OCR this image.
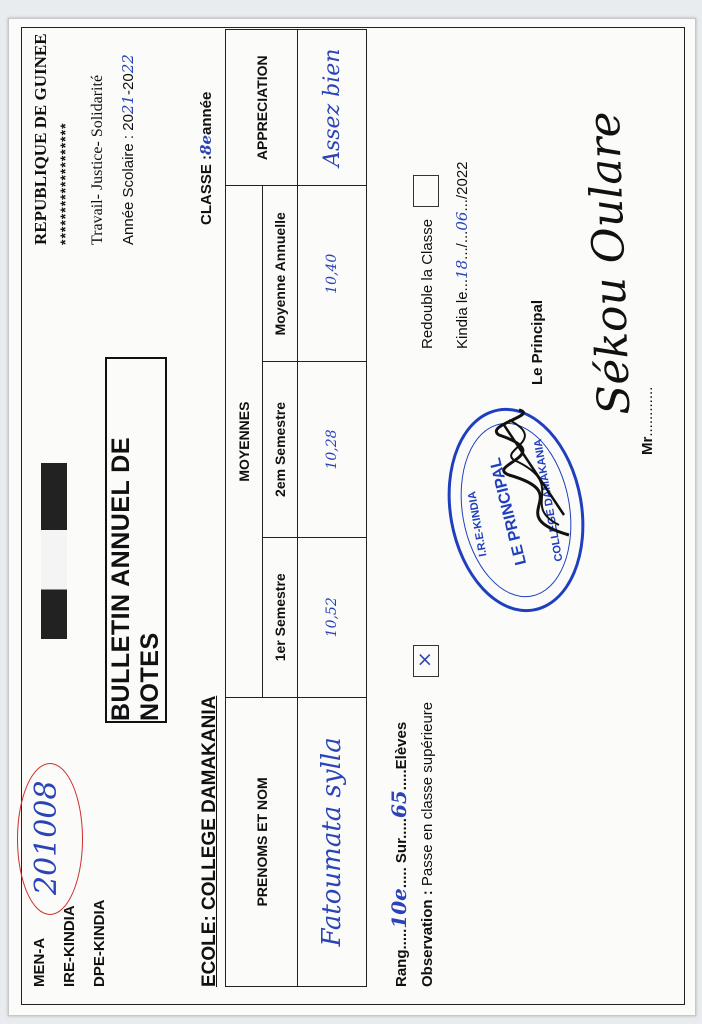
MEN-A IRE-KINDIA DPE-KINDIA
201008
BULLETIN ANNUEL DE NOTES
REPUBLIQUE DE GUINEE ******************* Travail- Justice- Solidarité Année Scolaire : 2021-2022
ECOLE: COLLEGE DAMAKANIA
CLASSE :8eannée
PRENOMS ET NOM	MOYENNES			APPRECIATION
	1er Semestre	2em Semestre	Moyenne Annuelle	
Fatoumata sylla	10,52	10,28	10,40	Assez bien
Rang.....10e..... Sur.....65.....Elèves
Observation : Passe en classe supérieure
×
Redouble la Classe Kindia le...18.../...06.../2022
Le Principal
LE PRINCIPAL
I.R.E-KINDIA	COLLEGE DAMAKANIA	Mr............
Sékou Oulare
